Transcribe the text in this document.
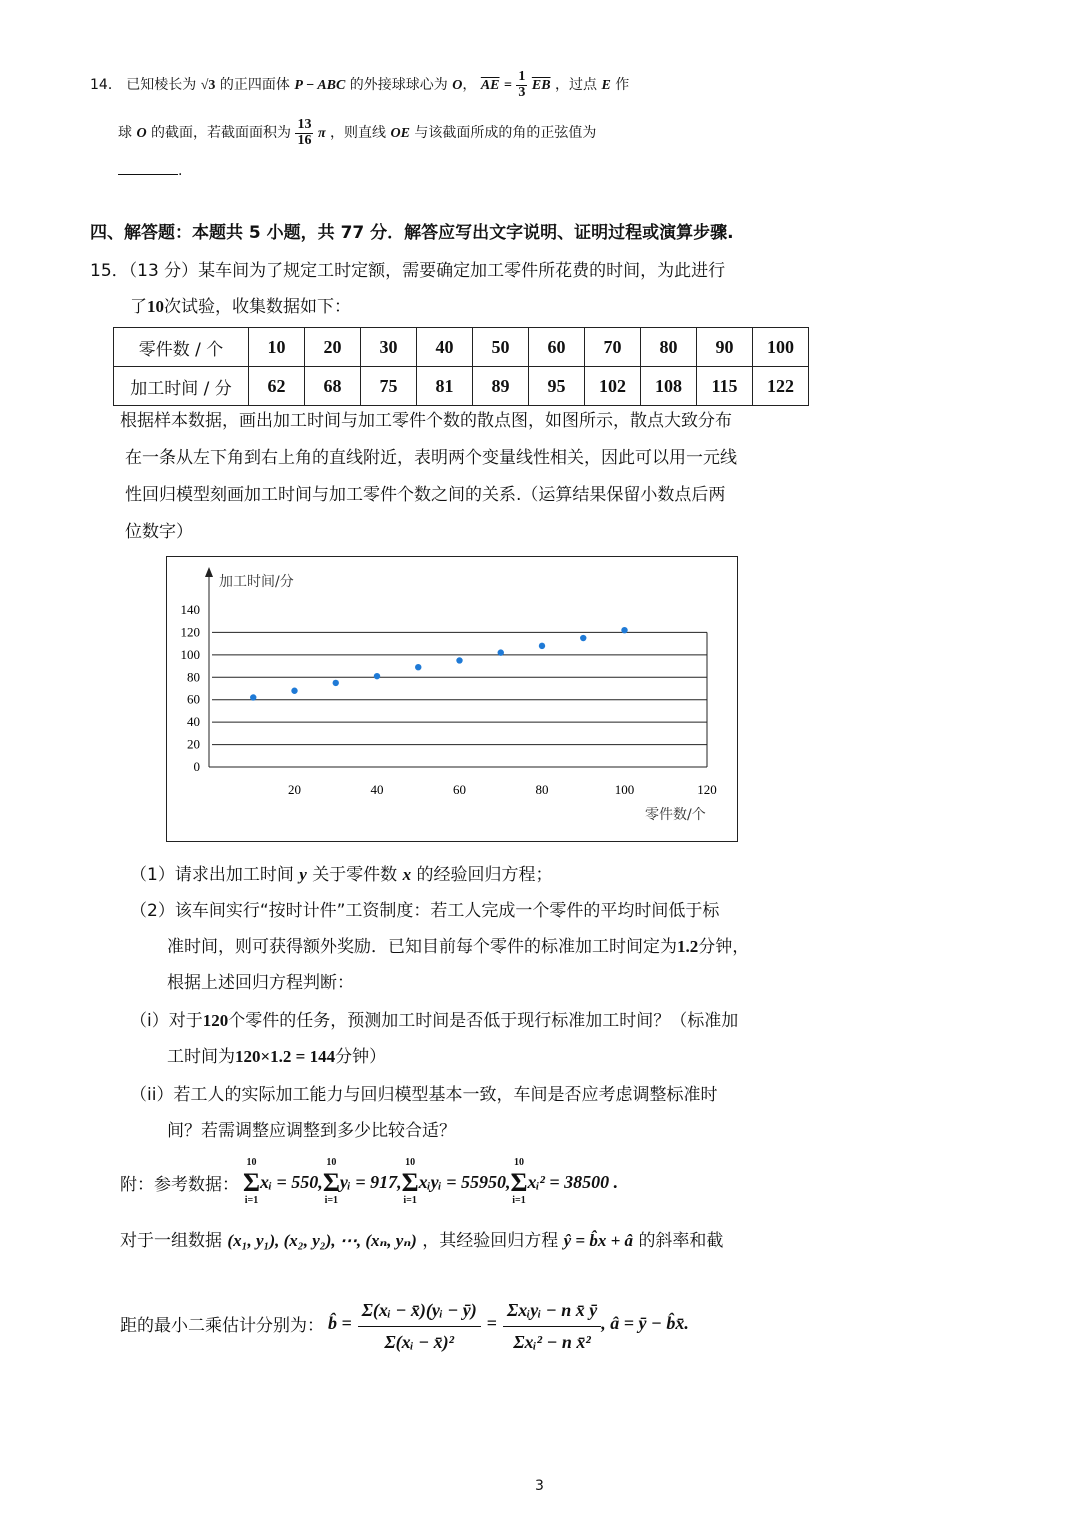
14． 已知棱长为 √3 的正四面体 P − ABC 的外接球球心为 O， $\overline{AE} = \frac{1}{3} \overline{EB}$ ，过点 E 作
球 O 的截面，若截面面积为 $\frac{13}{16}$ π ，则直线 OE 与该截面所成的角的正弦值为
.
四、解答题：本题共 5 小题，共 77 分．解答应写出文字说明、证明过程或演算步骤.
15．（13 分）某车间为了规定工时定额，需要确定加工零件所花费的时间，为此进行
了10次试验，收集数据如下：
零件数 / 个	10	20	30	40	50	60	70	80	90	100
加工时间 / 分	62	68	75	81	89	95	102	108	115	122
根据样本数据，画出加工时间与加工零件个数的散点图，如图所示，散点大致分布
在一条从左下角到右上角的直线附近，表明两个变量线性相关，因此可以用一元线
性回归模型刻画加工时间与加工零件个数之间的关系.（运算结果保留小数点后两
位数字）
0
20
40
60
80
100
120
140
20	40	60	80	100	120
加工时间/分
零件数/个
（1）请求出加工时间 y 关于零件数 x 的经验回归方程；
（2）该车间实行“按时计件”工资制度：若工人完成一个零件的平均时间低于标
准时间，则可获得额外奖励．已知目前每个零件的标准加工时间定为1.2分钟，
根据上述回归方程判断：
（i）对于120个零件的任务，预测加工时间是否低于现行标准加工时间？（标准加
工时间为120×1.2 = 144分钟）
（ii）若工人的实际加工能力与回归模型基本一致，车间是否应考虑调整标准时
间？若需调整应调整到多少比较合适？
附：参考数据：
10
Σ
i=1
xᵢ = 550,
10
Σ
i=1
yᵢ = 917,
10
Σ
i=1
xᵢyᵢ = 55950,
10
Σ
i=1
xᵢ² = 38500 .
对于一组数据 (x₁, y₁), (x₂, y₂), ⋯, (xₙ, yₙ) ，其经验回归方程 ŷ = b̂x + â 的斜率和截
距的最小二乘估计分别为： b̂ = $\frac{\text{Σ(xᵢ − x̄)(yᵢ − ȳ)}}{\text{Σ(xᵢ − x̄)²}} = \frac{\text{Σxᵢyᵢ − n x̄ ȳ}}{\text{Σxᵢ² − n x̄²}}$ , â = ȳ − b̂x̄.
3
